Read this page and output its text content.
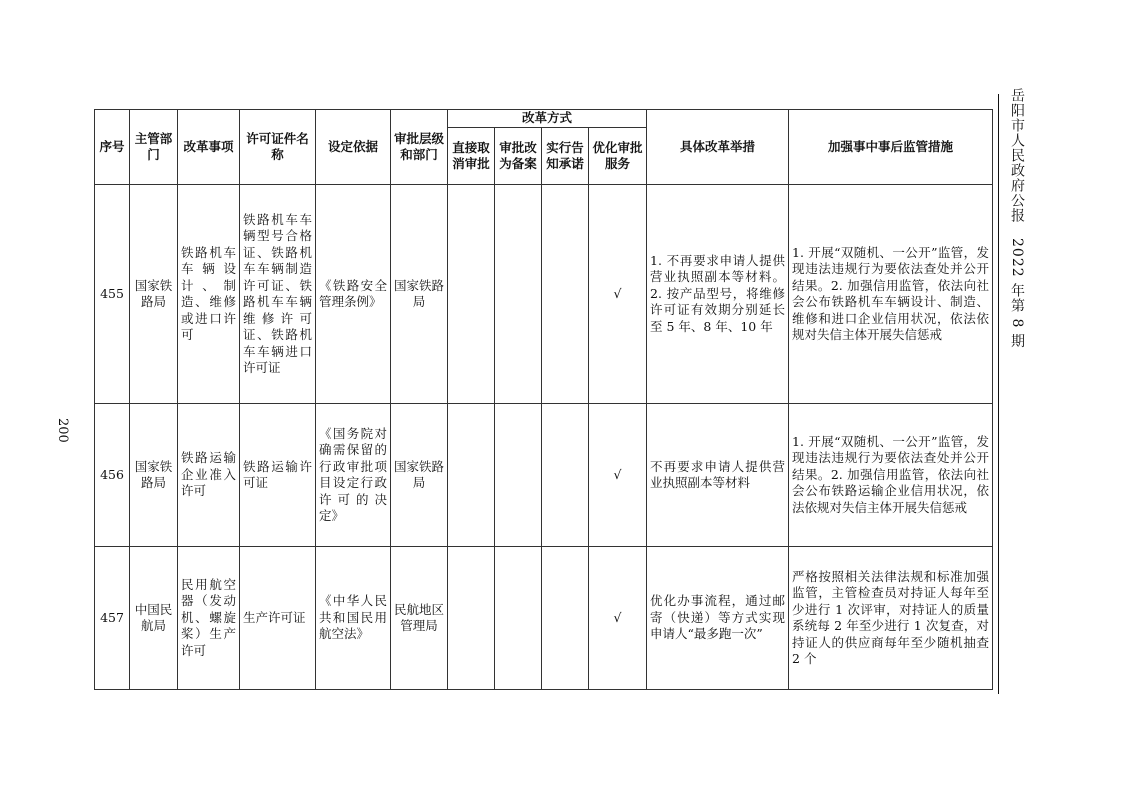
200
岳阳市人民政府公报　2022 年第 8 期
序号	主管部门	改革事项	许可证件名称	设定依据	审批层级和部门	改革方式				具体改革举措	加强事中事后监管措施
						直接取消审批	审批改为备案	实行告知承诺	优化审批服务		
455	国家铁路局	铁路机车车辆设计、制造、维修或进口许可	铁路机车车辆型号合格证、铁路机车车辆制造许可证、铁路机车车辆维修许可证、铁路机车车辆进口许可证	《铁路安全管理条例》	国家铁路局				√	1. 不再要求申请人提供营业执照副本等材料。2. 按产品型号，将维修许可证有效期分别延长至 5 年、8 年、10 年	1. 开展“双随机、一公开”监管，发现违法违规行为要依法查处并公开结果。2. 加强信用监管，依法向社会公布铁路机车车辆设计、制造、维修和进口企业信用状况，依法依规对失信主体开展失信惩戒
456	国家铁路局	铁路运输企业准入许可	铁路运输许可证	《国务院对确需保留的行政审批项目设定行政许可的决定》	国家铁路局				√	不再要求申请人提供营业执照副本等材料	1. 开展“双随机、一公开”监管，发现违法违规行为要依法查处并公开结果。2. 加强信用监管，依法向社会公布铁路运输企业信用状况，依法依规对失信主体开展失信惩戒
457	中国民航局	民用航空器（发动机、螺旋桨）生产许可	生产许可证	《中华人民共和国民用航空法》	民航地区管理局				√	优化办事流程，通过邮寄（快递）等方式实现申请人“最多跑一次”	严格按照相关法律法规和标准加强监管，主管检查员对持证人每年至少进行 1 次评审，对持证人的质量系统每 2 年至少进行 1 次复查，对持证人的供应商每年至少随机抽查 2 个
